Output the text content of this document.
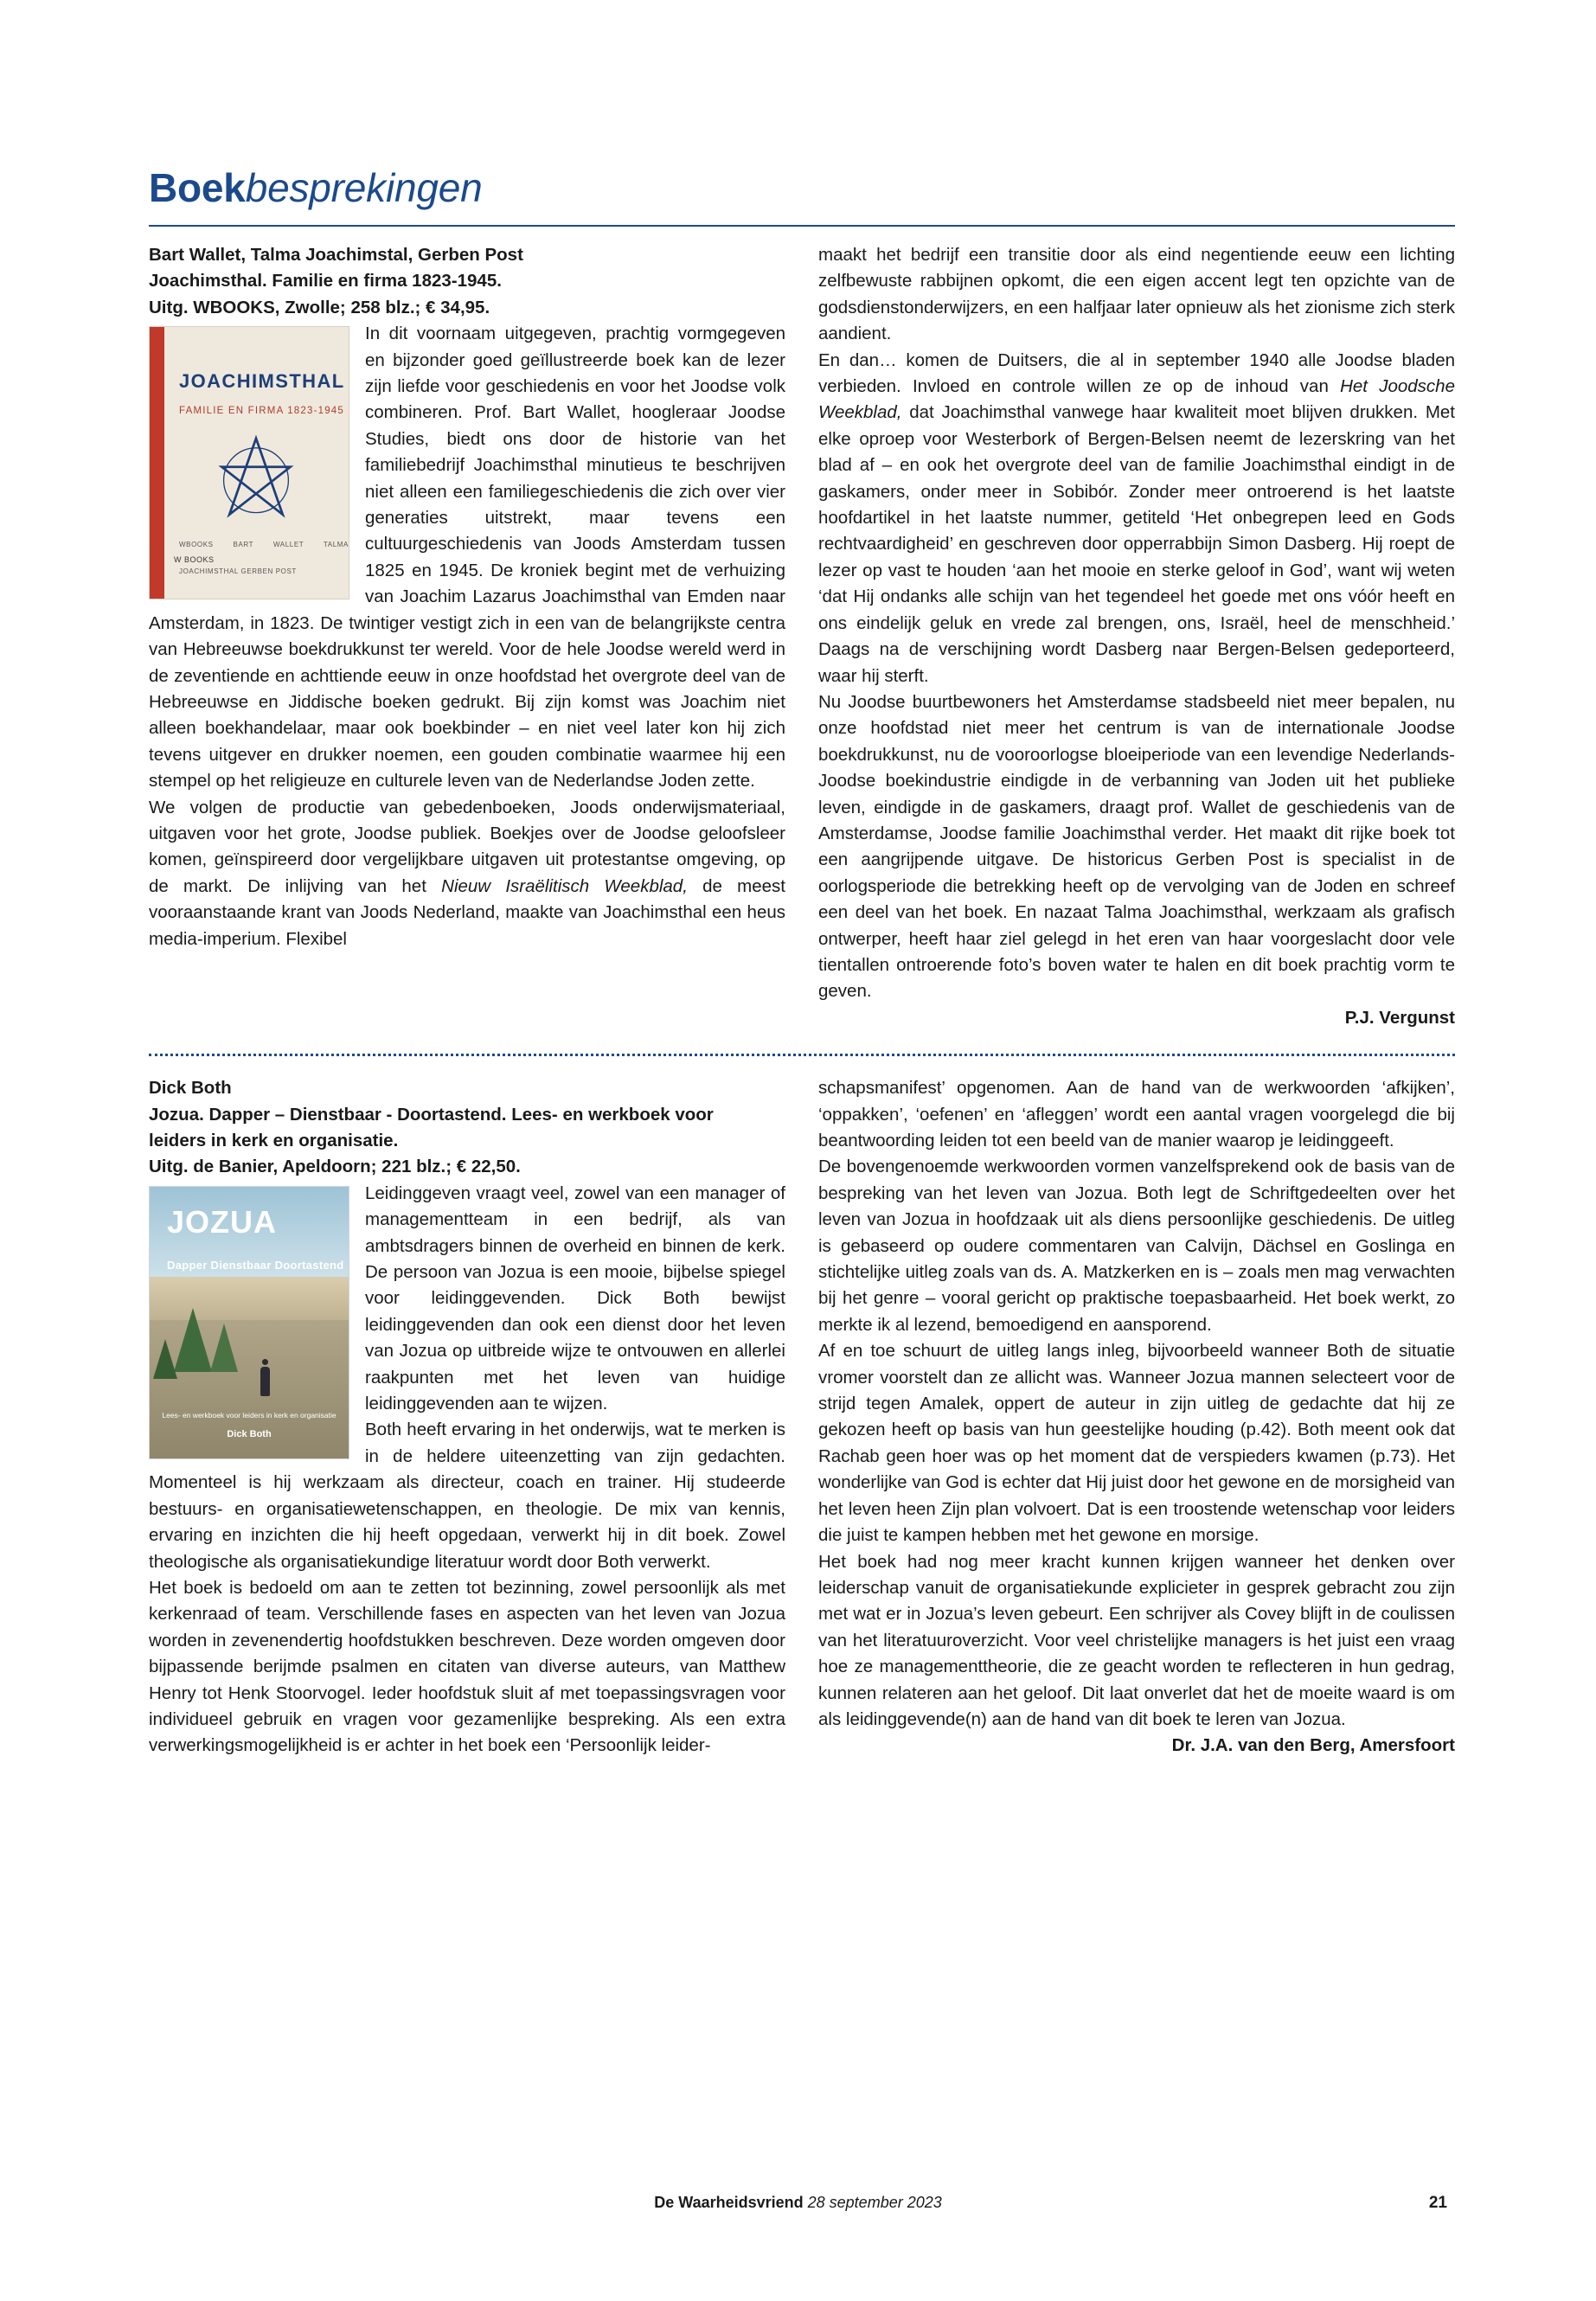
Boekbesprekingen

Bart Wallet, Talma Joachimstal, Gerben Post

Joachimsthal. Familie en firma 1823-1945.

Uitg. WBOOKS, Zwolle; 258 blz.; € 34,95.

JOACHIMSTHAL
FAMILIE EN FIRMA 1823-1945
W BOOKS
WBOOKS BART WALLET TALMA JOACHIMSTHAL GERBEN POST

In dit voornaam uitgegeven, prachtig vormgegeven en bijzonder goed geïllustreerde boek kan de lezer zijn liefde voor geschiedenis en voor het Joodse volk combineren. Prof. Bart Wallet, hoogleraar Joodse Studies, biedt ons door de historie van het familiebedrijf Joachimsthal minutieus te beschrijven niet alleen een familiegeschiedenis die zich over vier generaties uitstrekt, maar tevens een cultuurgeschiedenis van Joods Amsterdam tussen 1825 en 1945. De kroniek begint met de verhuizing van Joachim Lazarus Joachimsthal van Emden naar Amsterdam, in 1823. De twintiger vestigt zich in een van de belangrijkste centra van Hebreeuwse boekdrukkunst ter wereld. Voor de hele Joodse wereld werd in de zeventiende en achttiende eeuw in onze hoofdstad het overgrote deel van de Hebreeuwse en Jiddische boeken gedrukt. Bij zijn komst was Joachim niet alleen boekhandelaar, maar ook boekbinder – en niet veel later kon hij zich tevens uitgever en drukker noemen, een gouden combinatie waarmee hij een stempel op het religieuze en culturele leven van de Nederlandse Joden zette.

We volgen de productie van gebedenboeken, Joods onderwijsmateriaal, uitgaven voor het grote, Joodse publiek. Boekjes over de Joodse geloofsleer komen, geïnspireerd door vergelijkbare uitgaven uit protestantse omgeving, op de markt. De inlijving van het Nieuw Israëlitisch Weekblad, de meest vooraanstaande krant van Joods Nederland, maakte van Joachimsthal een heus media-imperium. Flexibel

maakt het bedrijf een transitie door als eind negentiende eeuw een lichting zelfbewuste rabbijnen opkomt, die een eigen accent legt ten opzichte van de godsdienstonderwijzers, en een halfjaar later opnieuw als het zionisme zich sterk aandient.

En dan… komen de Duitsers, die al in september 1940 alle Joodse bladen verbieden. Invloed en controle willen ze op de inhoud van Het Joodsche Weekblad, dat Joachimsthal vanwege haar kwaliteit moet blijven drukken. Met elke oproep voor Westerbork of Bergen-Belsen neemt de lezerskring van het blad af – en ook het overgrote deel van de familie Joachimsthal eindigt in de gaskamers, onder meer in Sobibór. Zonder meer ontroerend is het laatste hoofdartikel in het laatste nummer, getiteld ‘Het onbegrepen leed en Gods rechtvaardigheid’ en geschreven door opperrabbijn Simon Dasberg. Hij roept de lezer op vast te houden ‘aan het mooie en sterke geloof in God’, want wij weten ‘dat Hij ondanks alle schijn van het tegendeel het goede met ons vóór heeft en ons eindelijk geluk en vrede zal brengen, ons, Israël, heel de menschheid.’ Daags na de verschijning wordt Dasberg naar Bergen-Belsen gedeporteerd, waar hij sterft.

Nu Joodse buurtbewoners het Amsterdamse stadsbeeld niet meer bepalen, nu onze hoofdstad niet meer het centrum is van de internationale Joodse boekdrukkunst, nu de vooroorlogse bloeiperiode van een levendige Nederlands-Joodse boekindustrie eindigde in de verbanning van Joden uit het publieke leven, eindigde in de gaskamers, draagt prof. Wallet de geschiedenis van de Amsterdamse, Joodse familie Joachimsthal verder. Het maakt dit rijke boek tot een aangrijpende uitgave. De historicus Gerben Post is specialist in de oorlogsperiode die betrekking heeft op de vervolging van de Joden en schreef een deel van het boek. En nazaat Talma Joachimsthal, werkzaam als grafisch ontwerper, heeft haar ziel gelegd in het eren van haar voorgeslacht door vele tientallen ontroerende foto’s boven water te halen en dit boek prachtig vorm te geven.

P.J. Vergunst

Dick Both

Jozua. Dapper – Dienstbaar - Doortastend. Lees- en werkboek voor

leiders in kerk en organisatie.

Uitg. de Banier, Apeldoorn; 221 blz.; € 22,50.

JOZUA
Dapper Dienstbaar Doortastend
Lees- en werkboek voor leiders in kerk en organisatie
Dick Both

Leidinggeven vraagt veel, zowel van een manager of managementteam in een bedrijf, als van ambtsdragers binnen de overheid en binnen de kerk. De persoon van Jozua is een mooie, bijbelse spiegel voor leidinggevenden. Dick Both bewijst leidinggevenden dan ook een dienst door het leven van Jozua op uitbreide wijze te ontvouwen en allerlei raakpunten met het leven van huidige leidinggevenden aan te wijzen.

Both heeft ervaring in het onderwijs, wat te merken is in de heldere uiteenzetting van zijn gedachten. Momenteel is hij werkzaam als directeur, coach en trainer. Hij studeerde bestuurs- en organisatiewetenschappen, en theologie. De mix van kennis, ervaring en inzichten die hij heeft opgedaan, verwerkt hij in dit boek. Zowel theologische als organisatiekundige literatuur wordt door Both verwerkt.

Het boek is bedoeld om aan te zetten tot bezinning, zowel persoonlijk als met kerkenraad of team. Verschillende fases en aspecten van het leven van Jozua worden in zevenendertig hoofdstukken beschreven. Deze worden omgeven door bijpassende berijmde psalmen en citaten van diverse auteurs, van Matthew Henry tot Henk Stoorvogel. Ieder hoofdstuk sluit af met toepassingsvragen voor individueel gebruik en vragen voor gezamenlijke bespreking. Als een extra verwerkingsmogelijkheid is er achter in het boek een ‘Persoonlijk leider-

schapsmanifest’ opgenomen. Aan de hand van de werkwoorden ‘afkijken’, ‘oppakken’, ‘oefenen’ en ‘afleggen’ wordt een aantal vragen voorgelegd die bij beantwoording leiden tot een beeld van de manier waarop je leidinggeeft.

De bovengenoemde werkwoorden vormen vanzelfsprekend ook de basis van de bespreking van het leven van Jozua. Both legt de Schriftgedeelten over het leven van Jozua in hoofdzaak uit als diens persoonlijke geschiedenis. De uitleg is gebaseerd op oudere commentaren van Calvijn, Dächsel en Goslinga en stichtelijke uitleg zoals van ds. A. Matzkerken en is – zoals men mag verwachten bij het genre – vooral gericht op praktische toepasbaarheid. Het boek werkt, zo merkte ik al lezend, bemoedigend en aansporend.

Af en toe schuurt de uitleg langs inleg, bijvoorbeeld wanneer Both de situatie vromer voorstelt dan ze allicht was. Wanneer Jozua mannen selecteert voor de strijd tegen Amalek, oppert de auteur in zijn uitleg de gedachte dat hij ze gekozen heeft op basis van hun geestelijke houding (p.42). Both meent ook dat Rachab geen hoer was op het moment dat de verspieders kwamen (p.73). Het wonderlijke van God is echter dat Hij juist door het gewone en de morsigheid van het leven heen Zijn plan volvoert. Dat is een troostende wetenschap voor leiders die juist te kampen hebben met het gewone en morsige.

Het boek had nog meer kracht kunnen krijgen wanneer het denken over leiderschap vanuit de organisatiekunde explicieter in gesprek gebracht zou zijn met wat er in Jozua’s leven gebeurt. Een schrijver als Covey blijft in de coulissen van het literatuuroverzicht. Voor veel christelijke managers is het juist een vraag hoe ze managementtheorie, die ze geacht worden te reflecteren in hun gedrag, kunnen relateren aan het geloof. Dit laat onverlet dat het de moeite waard is om als leidinggevende(n) aan de hand van dit boek te leren van Jozua.

Dr. J.A. van den Berg, Amersfoort

De Waarheidsvriend 28 september 2023	21
